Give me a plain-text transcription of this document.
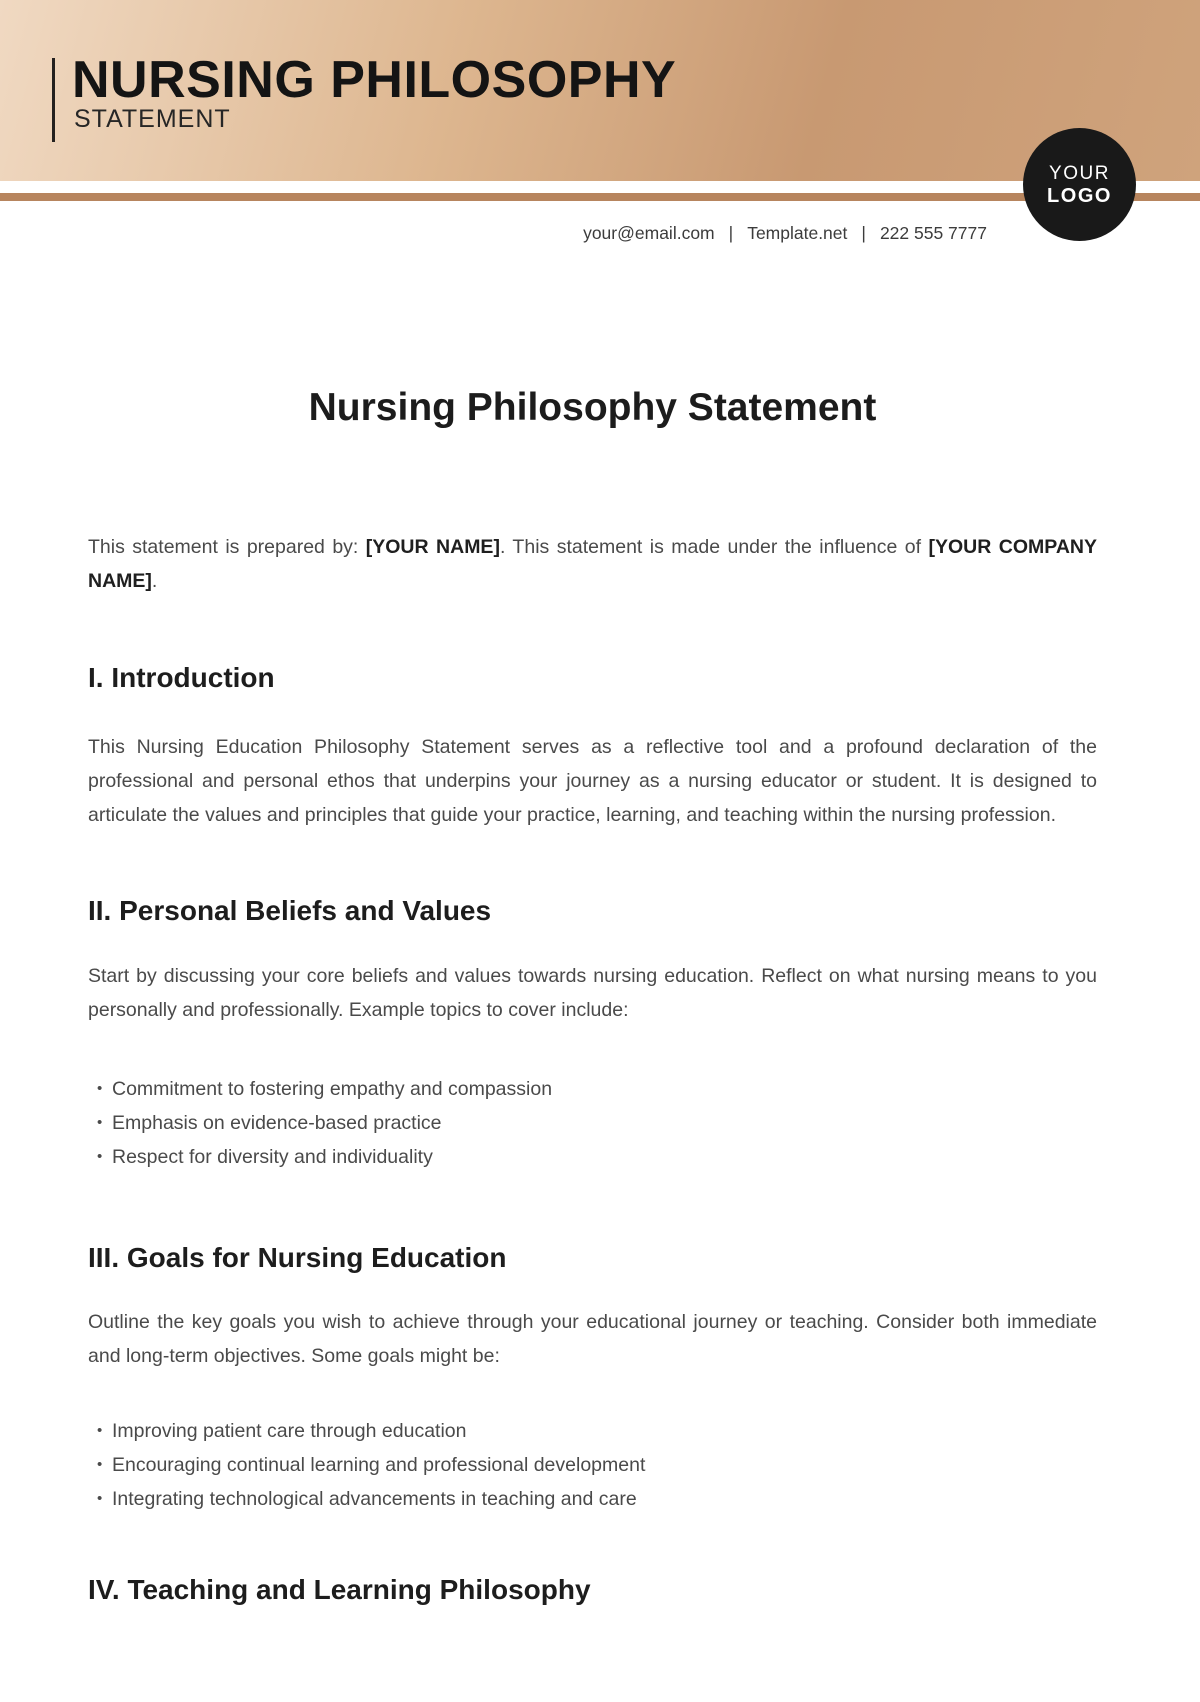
NURSING PHILOSOPHY
STATEMENT
YOUR
LOGO
your@email.com | Template.net | 222 555 7777
Nursing Philosophy Statement

This statement is prepared by: [YOUR NAME]. This statement is made under the influence of [YOUR COMPANY NAME].

I. Introduction

This Nursing Education Philosophy Statement serves as a reflective tool and a profound declaration of the professional and personal ethos that underpins your journey as a nursing educator or student. It is designed to articulate the values and principles that guide your practice, learning, and teaching within the nursing profession.

II. Personal Beliefs and Values

Start by discussing your core beliefs and values towards nursing education. Reflect on what nursing means to you personally and professionally. Example topics to cover include:

• Commitment to fostering empathy and compassion
• Emphasis on evidence-based practice
• Respect for diversity and individuality
III. Goals for Nursing Education

Outline the key goals you wish to achieve through your educational journey or teaching. Consider both immediate and long-term objectives. Some goals might be:

• Improving patient care through education
• Encouraging continual learning and professional development
• Integrating technological advancements in teaching and care
IV. Teaching and Learning Philosophy
